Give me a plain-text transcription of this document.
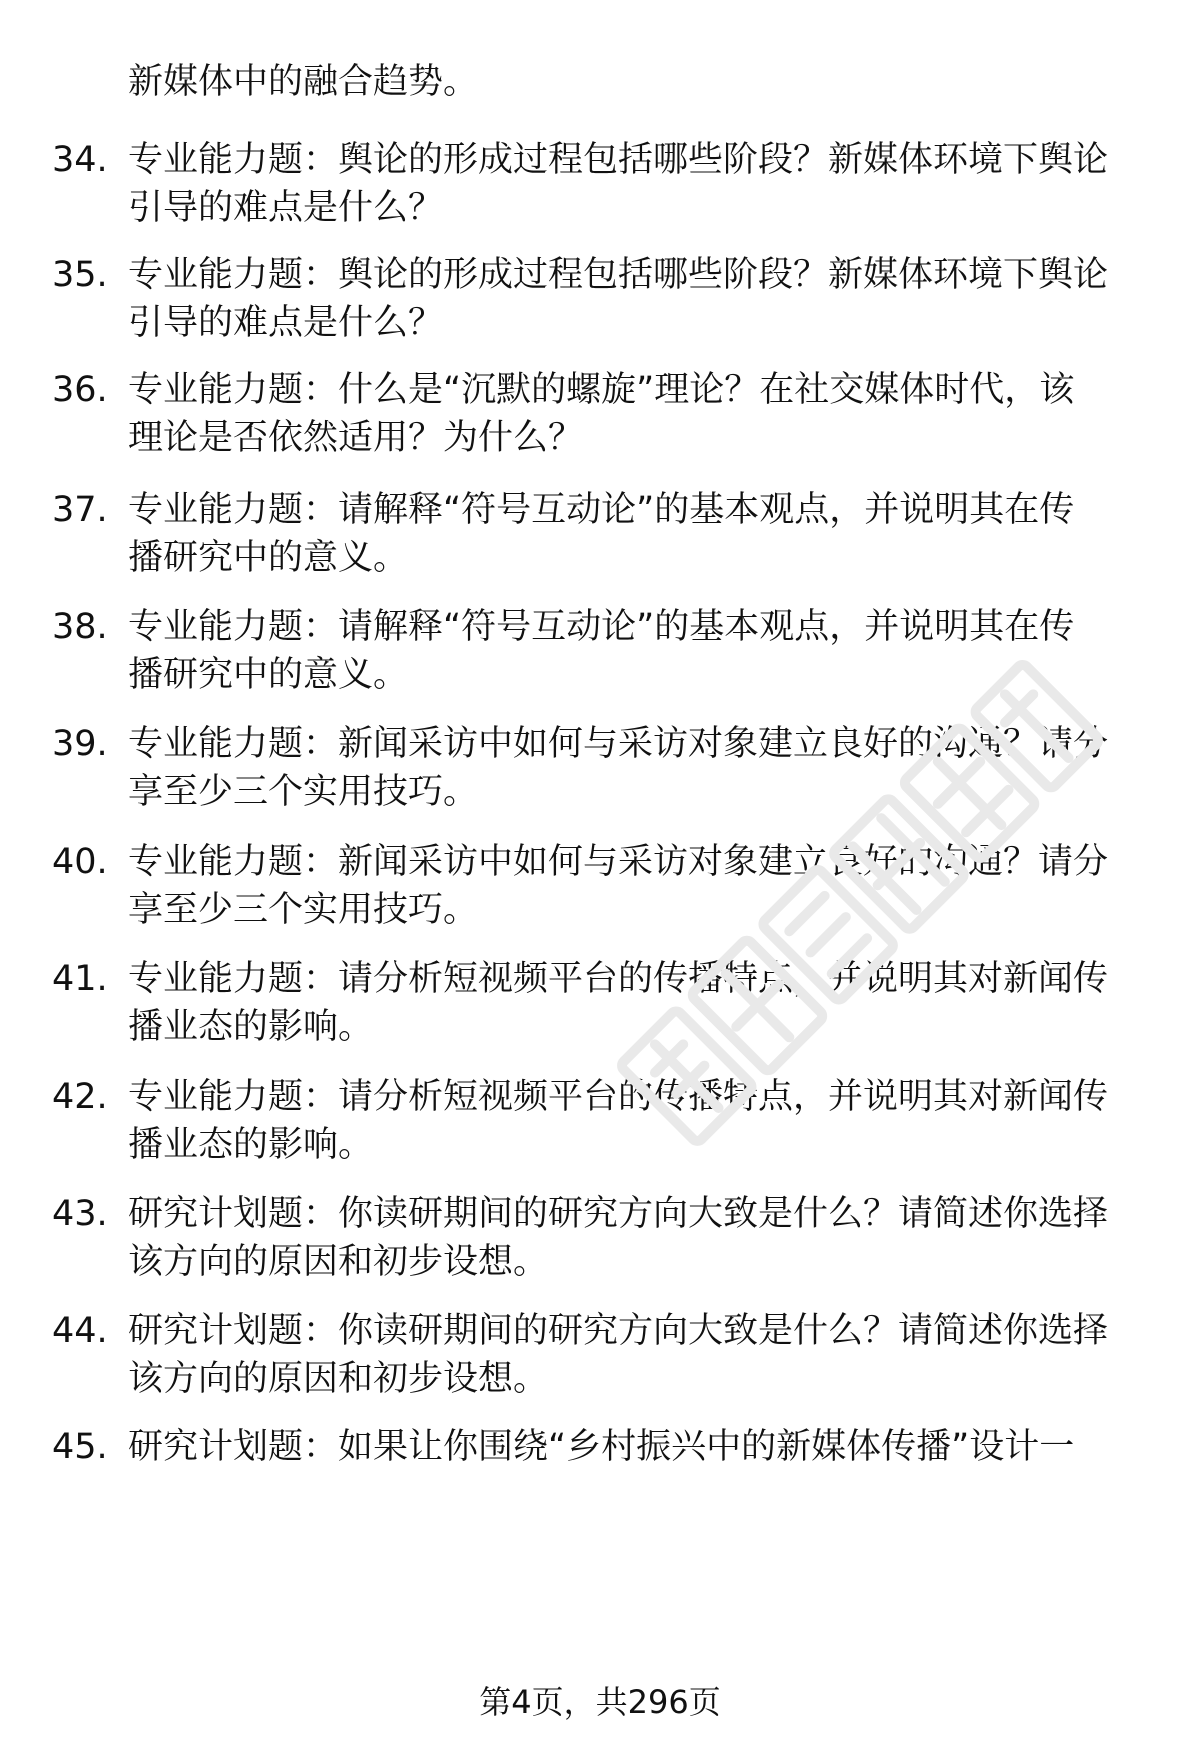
新媒体中的融合趋势。
34. 专业能力题：舆论的形成过程包括哪些阶段？新媒体环境下舆论
引导的难点是什么？
35. 专业能力题：舆论的形成过程包括哪些阶段？新媒体环境下舆论
引导的难点是什么？
36. 专业能力题：什么是“沉默的螺旋”理论？在社交媒体时代，该
理论是否依然适用？为什么？
37. 专业能力题：请解释“符号互动论”的基本观点，并说明其在传
播研究中的意义。
38. 专业能力题：请解释“符号互动论”的基本观点，并说明其在传
播研究中的意义。
39. 专业能力题：新闻采访中如何与采访对象建立良好的沟通？请分
享至少三个实用技巧。
40. 专业能力题：新闻采访中如何与采访对象建立良好的沟通？请分
享至少三个实用技巧。
41. 专业能力题：请分析短视频平台的传播特点，并说明其对新闻传
播业态的影响。
42. 专业能力题：请分析短视频平台的传播特点，并说明其对新闻传
播业态的影响。
43. 研究计划题：你读研期间的研究方向大致是什么？请简述你选择
该方向的原因和初步设想。
44. 研究计划题：你读研期间的研究方向大致是什么？请简述你选择
该方向的原因和初步设想。
45. 研究计划题：如果让你围绕“乡村振兴中的新媒体传播”设计一
第4页，共296页
